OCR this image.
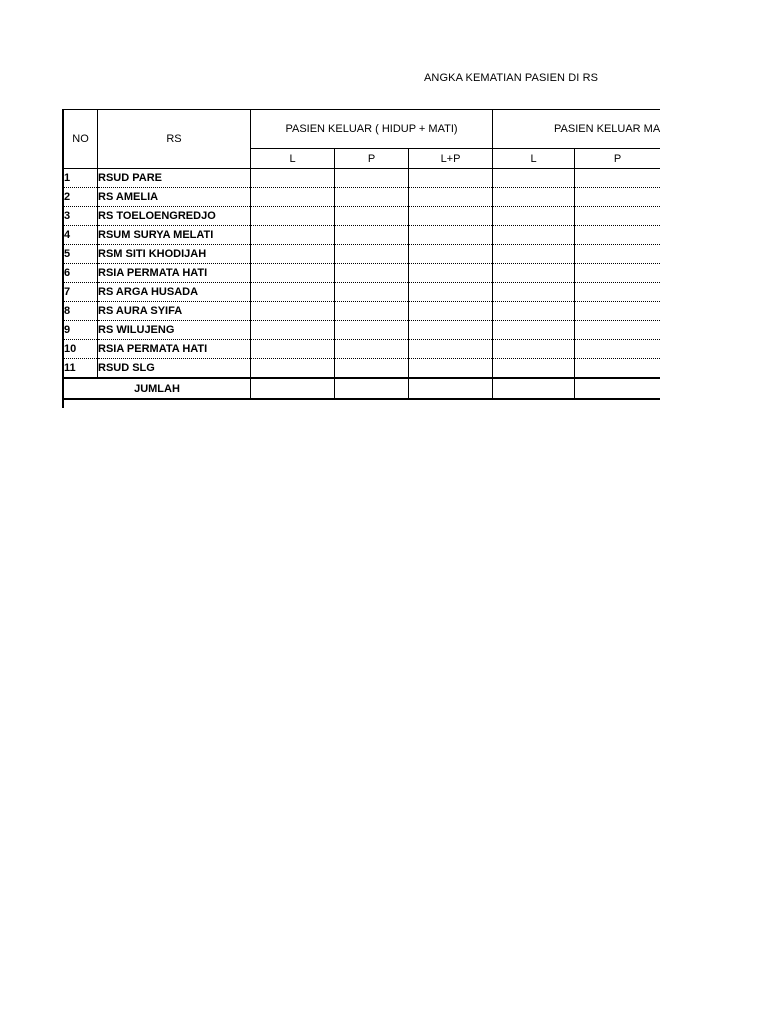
ANGKA KEMATIAN PASIEN DI RS
NO	RS	PASIEN KELUAR ( HIDUP + MATI)			PASIEN KELUAR MA		
		L	P	L+P	L	P	
1	RSUD PARE						
2	RS AMELIA						
3	RS TOELOENGREDJO						
4	RSUM SURYA MELATI						
5	RSM SITI KHODIJAH						
6	RSIA PERMATA HATI						
7	RS ARGA HUSADA						
8	RS AURA SYIFA						
9	RS WILUJENG						
10	RSIA PERMATA HATI						
11	RSUD SLG						
JUMLAH							
